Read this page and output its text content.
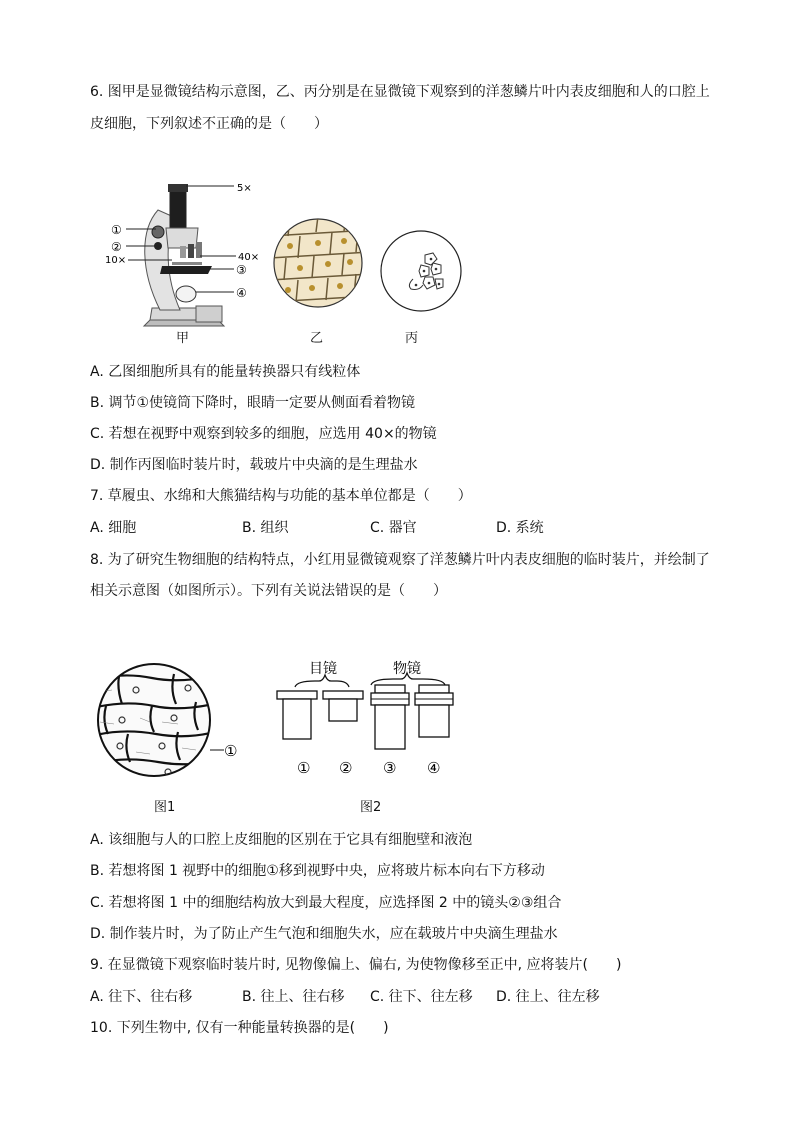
6. 图甲是显微镜结构示意图，乙、丙分别是在显微镜下观察到的洋葱鳞片叶内表皮细胞和人的口腔上
皮细胞，下列叙述不正确的是（　　）
5×
①
②
10×	40×
③
④
甲	乙	丙
A. 乙图细胞所具有的能量转换器只有线粒体
B. 调节①使镜筒下降时，眼睛一定要从侧面看着物镜
C. 若想在视野中观察到较多的细胞，应选用 40×的物镜
D. 制作丙图临时装片时，载玻片中央滴的是生理盐水
7. 草履虫、水绵和大熊猫结构与功能的基本单位都是（　　）
A. 细胞	B. 组织	C. 器官	D. 系统
8. 为了研究生物细胞的结构特点，小红用显微镜观察了洋葱鳞片叶内表皮细胞的临时装片，并绘制了
相关示意图（如图所示）。下列有关说法错误的是（　　）
①
目镜	物镜
① ② ③ ④
图1	图2
A. 该细胞与人的口腔上皮细胞的区别在于它具有细胞壁和液泡
B. 若想将图 1 视野中的细胞①移到视野中央，应将玻片标本向右下方移动
C. 若想将图 1 中的细胞结构放大到最大程度，应选择图 2 中的镜头②③组合
D. 制作装片时，为了防止产生气泡和细胞失水，应在载玻片中央滴生理盐水
9. 在显微镜下观察临时装片时, 见物像偏上、偏右, 为使物像移至正中, 应将装片(　　)
A. 往下、往右移	B. 往上、往右移 C. 往下、往左移 D. 往上、往左移
10. 下列生物中, 仅有一种能量转换器的是(　　)
